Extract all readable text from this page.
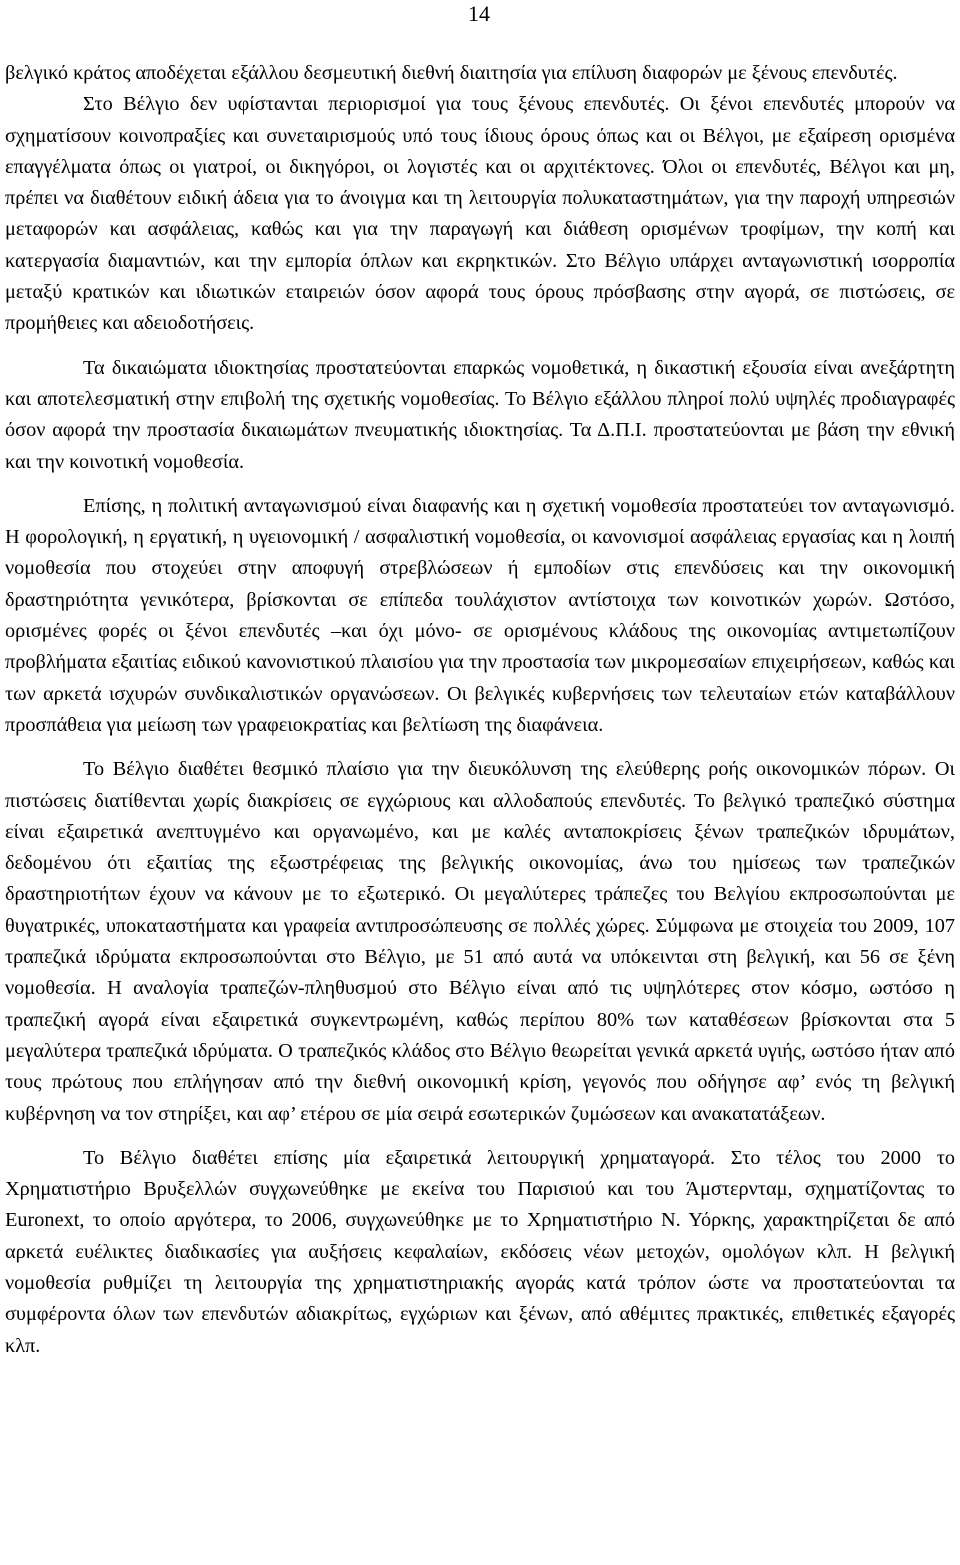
14

βελγικό κράτος αποδέχεται εξάλλου δεσμευτική διεθνή διαιτησία για επίλυση διαφορών με ξένους επενδυτές.

Στο Βέλγιο δεν υφίστανται περιορισμοί για τους ξένους επενδυτές. Οι ξένοι επενδυτές μπορούν να σχηματίσουν κοινοπραξίες και συνεταιρισμούς υπό τους ίδιους όρους όπως και οι Βέλγοι, με εξαίρεση ορισμένα επαγγέλματα όπως οι γιατροί, οι δικηγόροι, οι λογιστές και οι αρχιτέκτονες. Όλοι οι επενδυτές, Βέλγοι και μη, πρέπει να διαθέτουν ειδική άδεια για το άνοιγμα και τη λειτουργία πολυκαταστημάτων, για την παροχή υπηρεσιών μεταφορών και ασφάλειας, καθώς και για την παραγωγή και διάθεση ορισμένων τροφίμων, την κοπή και κατεργασία διαμαντιών, και την εμπορία όπλων και εκρηκτικών. Στο Βέλγιο υπάρχει ανταγωνιστική ισορροπία μεταξύ κρατικών και ιδιωτικών εταιρειών όσον αφορά τους όρους πρόσβασης στην αγορά, σε πιστώσεις, σε προμήθειες και αδειοδοτήσεις.

Τα δικαιώματα ιδιοκτησίας προστατεύονται επαρκώς νομοθετικά, η δικαστική εξουσία είναι ανεξάρτητη και αποτελεσματική στην επιβολή της σχετικής νομοθεσίας. Το Βέλγιο εξάλλου πληροί πολύ υψηλές προδιαγραφές όσον αφορά την προστασία δικαιωμάτων πνευματικής ιδιοκτησίας. Τα Δ.Π.Ι. προστατεύονται με βάση την εθνική και την κοινοτική νομοθεσία.

Επίσης, η πολιτική ανταγωνισμού είναι διαφανής και η σχετική νομοθεσία προστατεύει τον ανταγωνισμό. Η φορολογική, η εργατική, η υγειονομική / ασφαλιστική νομοθεσία, οι κανονισμοί ασφάλειας εργασίας και η λοιπή νομοθεσία που στοχεύει στην αποφυγή στρεβλώσεων ή εμποδίων στις επενδύσεις και την οικονομική δραστηριότητα γενικότερα, βρίσκονται σε επίπεδα τουλάχιστον αντίστοιχα των κοινοτικών χωρών. Ωστόσο, ορισμένες φορές οι ξένοι επενδυτές –και όχι μόνο- σε ορισμένους κλάδους της οικονομίας αντιμετωπίζουν προβλήματα εξαιτίας ειδικού κανονιστικού πλαισίου για την προστασία των μικρομεσαίων επιχειρήσεων, καθώς και των αρκετά ισχυρών συνδικαλιστικών οργανώσεων. Οι βελγικές κυβερνήσεις των τελευταίων ετών καταβάλλουν προσπάθεια για μείωση των γραφειοκρατίας και βελτίωση της διαφάνεια.

Το Βέλγιο διαθέτει θεσμικό πλαίσιο για την διευκόλυνση της ελεύθερης ροής οικονομικών πόρων. Οι πιστώσεις διατίθενται χωρίς διακρίσεις σε εγχώριους και αλλοδαπούς επενδυτές. Το βελγικό τραπεζικό σύστημα είναι εξαιρετικά ανεπτυγμένο και οργανωμένο, και με καλές ανταποκρίσεις ξένων τραπεζικών ιδρυμάτων, δεδομένου ότι εξαιτίας της εξωστρέφειας της βελγικής οικονομίας, άνω του ημίσεως των τραπεζικών δραστηριοτήτων έχουν να κάνουν με το εξωτερικό. Οι μεγαλύτερες τράπεζες του Βελγίου εκπροσωπούνται με θυγατρικές, υποκαταστήματα και γραφεία αντιπροσώπευσης σε πολλές χώρες. Σύμφωνα με στοιχεία του 2009, 107 τραπεζικά ιδρύματα εκπροσωπούνται στο Βέλγιο, με 51 από αυτά να υπόκεινται στη βελγική, και 56 σε ξένη νομοθεσία. Η αναλογία τραπεζών-πληθυσμού στο Βέλγιο είναι από τις υψηλότερες στον κόσμο, ωστόσο η τραπεζική αγορά είναι εξαιρετικά συγκεντρωμένη, καθώς περίπου 80% των καταθέσεων βρίσκονται στα 5 μεγαλύτερα τραπεζικά ιδρύματα. Ο τραπεζικός κλάδος στο Βέλγιο θεωρείται γενικά αρκετά υγιής, ωστόσο ήταν από τους πρώτους που επλήγησαν από την διεθνή οικονομική κρίση, γεγονός που οδήγησε αφ’ ενός τη βελγική κυβέρνηση να τον στηρίξει, και αφ’ ετέρου σε μία σειρά εσωτερικών ζυμώσεων και ανακατατάξεων.

Το Βέλγιο διαθέτει επίσης μία εξαιρετικά λειτουργική χρηματαγορά. Στο τέλος του 2000 το Χρηματιστήριο Βρυξελλών συγχωνεύθηκε με εκείνα του Παρισιού και του Άμστερνταμ, σχηματίζοντας το Euronext, το οποίο αργότερα, το 2006, συγχωνεύθηκε με το Χρηματιστήριο Ν. Υόρκης, χαρακτηρίζεται δε από αρκετά ευέλικτες διαδικασίες για αυξήσεις κεφαλαίων, εκδόσεις νέων μετοχών, ομολόγων κλπ. Η βελγική νομοθεσία ρυθμίζει τη λειτουργία της χρηματιστηριακής αγοράς κατά τρόπον ώστε να προστατεύονται τα συμφέροντα όλων των επενδυτών αδιακρίτως, εγχώριων και ξένων, από αθέμιτες πρακτικές, επιθετικές εξαγορές κλπ.
